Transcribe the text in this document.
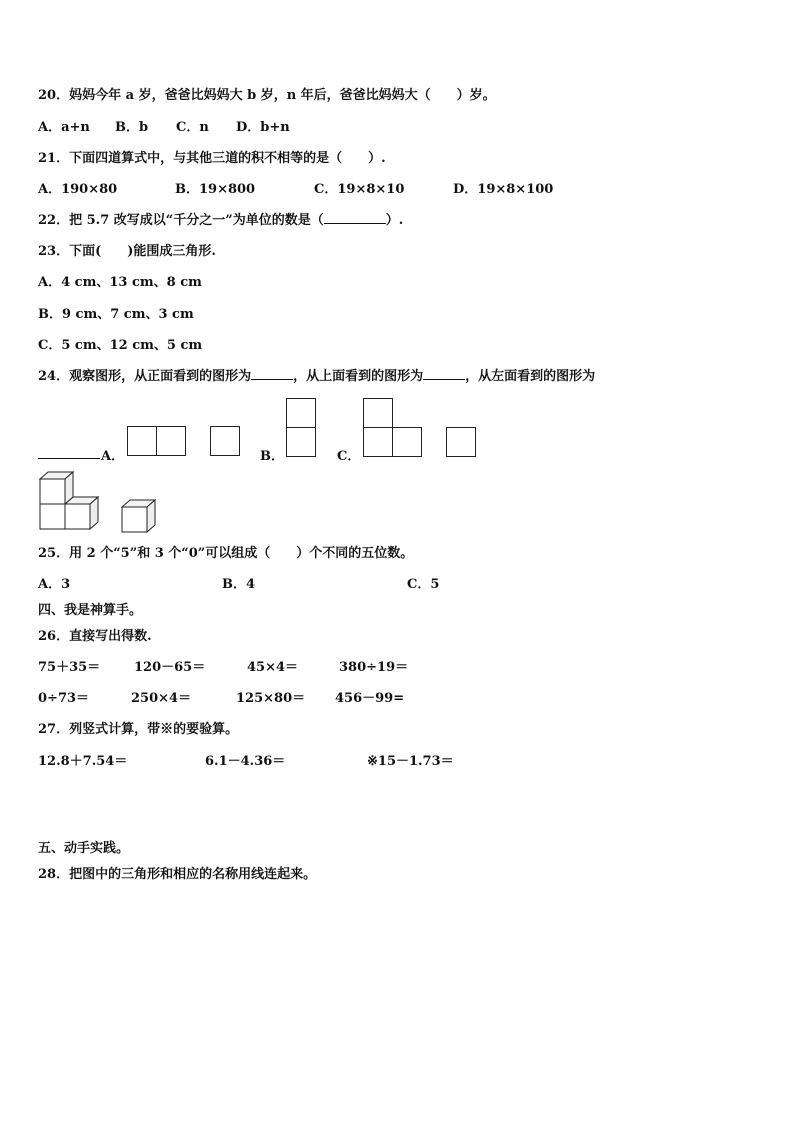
20．妈妈今年 a 岁，爸爸比妈妈大 b 岁，n 年后，爸爸比妈妈大（　　）岁。
A．a+n B．b C．n D．b+n
21．下面四道算式中，与其他三道的积不相等的是（　　）.
A．190×80	B．19×800	C．19×8×10	D．19×8×100
22．把 5.7 改写成以“千分之一”为单位的数是（	）.
23．下面(　　)能围成三角形.
A．4 cm、13 cm、8 cm
B．9 cm、7 cm、3 cm
C．5 cm、12 cm、5 cm
24．观察图形，从正面看到的图形为	，从上面看到的图形为	，从左面看到的图形为
A．	B．	C．
25．用 2 个“5”和 3 个“0”可以组成（　　）个不同的五位数。
A．3	B．4	C．5
四、我是神算手。
26．直接写出得数.
75＋35＝	120－65＝	45×4＝	380÷19＝
0÷73＝	250×4＝	125×80＝ 456－99=
27．列竖式计算，带※的要验算。
12.8＋7.54＝	6.1－4.36＝	※15－1.73＝
五、动手实践。
28．把图中的三角形和相应的名称用线连起来。
